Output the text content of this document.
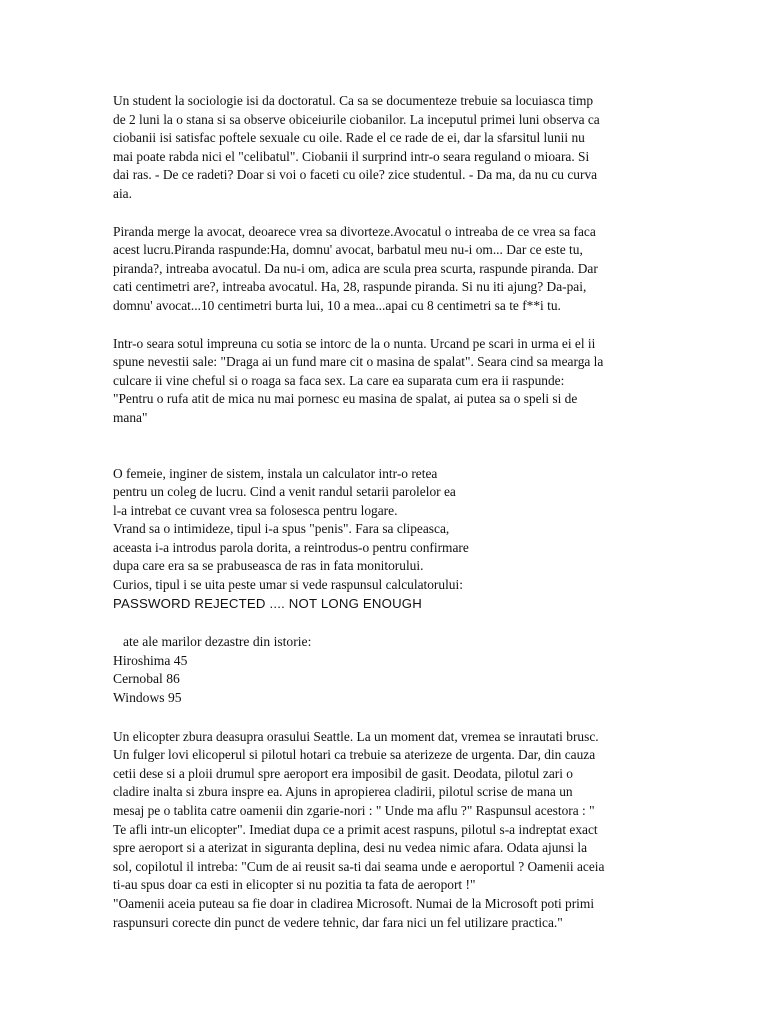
Un student la sociologie isi da doctoratul. Ca sa se documenteze trebuie sa locuiasca timp
de 2 luni la o stana si sa observe obiceiurile ciobanilor. La inceputul primei luni observa ca
ciobanii isi satisfac poftele sexuale cu oile. Rade el ce rade de ei, dar la sfarsitul lunii nu
mai poate rabda nici el "celibatul". Ciobanii il surprind intr-o seara reguland o mioara. Si
dai ras. - De ce radeti? Doar si voi o faceti cu oile? zice studentul. - Da ma, da nu cu curva
aia.

Piranda merge la avocat, deoarece vrea sa divorteze.Avocatul o intreaba de ce vrea sa faca
acest lucru.Piranda raspunde:Ha, domnu' avocat, barbatul meu nu-i om... Dar ce este tu,
piranda?, intreaba avocatul. Da nu-i om, adica are scula prea scurta, raspunde piranda. Dar
cati centimetri are?, intreaba avocatul. Ha, 28, raspunde piranda. Si nu iti ajung? Da-pai,
domnu' avocat...10 centimetri burta lui, 10 a mea...apai cu 8 centimetri sa te f**i tu.

Intr-o seara sotul impreuna cu sotia se intorc de la o nunta. Urcand pe scari in urma ei el ii
spune nevestii sale: "Draga ai un fund mare cit o masina de spalat". Seara cind sa mearga la
culcare ii vine cheful si o roaga sa faca sex. La care ea suparata cum era ii raspunde:
"Pentru o rufa atit de mica nu mai pornesc eu masina de spalat, ai putea sa o speli si de
mana"

O femeie, inginer de sistem, instala un calculator intr-o retea
pentru un coleg de lucru. Cind a venit randul setarii parolelor ea
l-a intrebat ce cuvant vrea sa folosesca pentru logare.
Vrand sa o intimideze, tipul i-a spus "penis". Fara sa clipeasca,
aceasta i-a introdus parola dorita, a reintrodus-o pentru confirmare
dupa care era sa se prabuseasca de ras in fata monitorului.
Curios, tipul i se uita peste umar si vede raspunsul calculatorului:
PASSWORD REJECTED .... NOT LONG ENOUGH

ate ale marilor dezastre din istorie:
Hiroshima 45
Cernobal 86
Windows 95

Un elicopter zbura deasupra orasului Seattle. La un moment dat, vremea se inrautati brusc.
Un fulger lovi elicoperul si pilotul hotari ca trebuie sa aterizeze de urgenta. Dar, din cauza
cetii dese si a ploii drumul spre aeroport era imposibil de gasit. Deodata, pilotul zari o
cladire inalta si zbura inspre ea. Ajuns in apropierea cladirii, pilotul scrise de mana un
mesaj pe o tablita catre oamenii din zgarie-nori : " Unde ma aflu ?" Raspunsul acestora : "
Te afli intr-un elicopter". Imediat dupa ce a primit acest raspuns, pilotul s-a indreptat exact
spre aeroport si a aterizat in siguranta deplina, desi nu vedea nimic afara. Odata ajunsi la
sol, copilotul il intreba: "Cum de ai reusit sa-ti dai seama unde e aeroportul ? Oamenii aceia
ti-au spus doar ca esti in elicopter si nu pozitia ta fata de aeroport !"
"Oamenii aceia puteau sa fie doar in cladirea Microsoft. Numai de la Microsoft poti primi
raspunsuri corecte din punct de vedere tehnic, dar fara nici un fel utilizare practica."
